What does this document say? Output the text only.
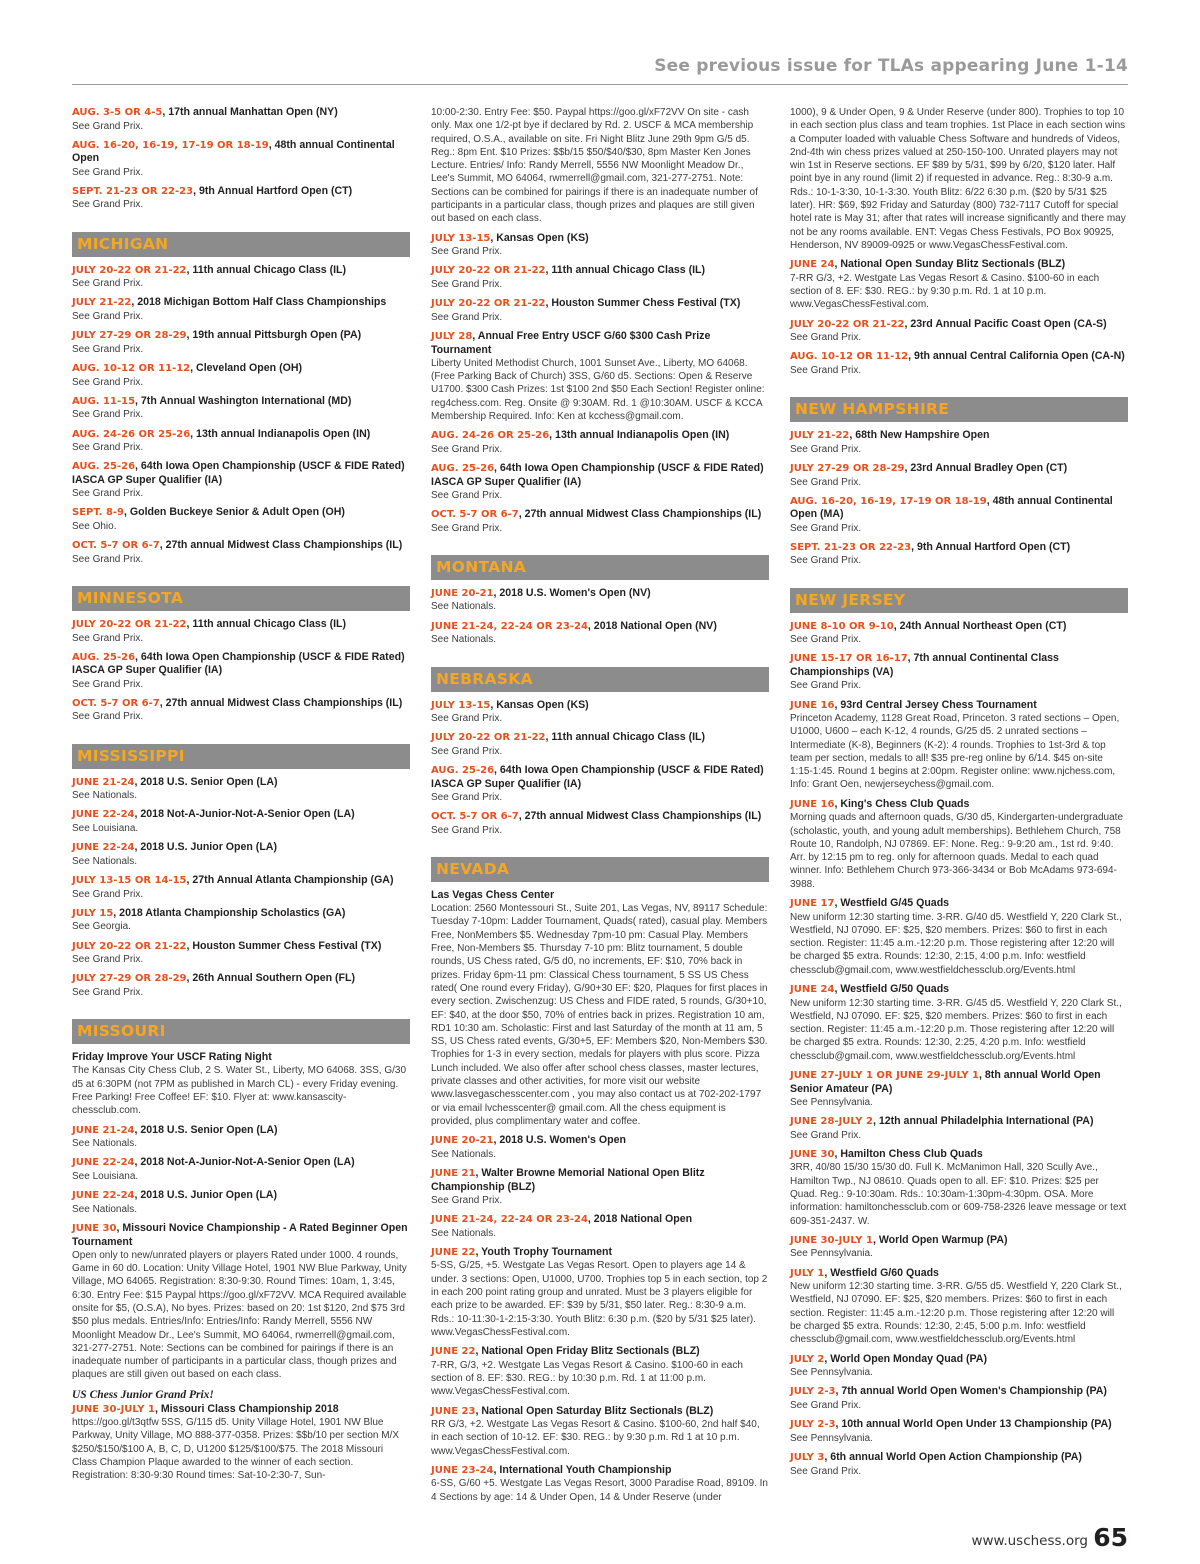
See previous issue for TLAs appearing June 1-14
AUG. 3-5 OR 4-5, 17th annual Manhattan Open (NY)
See Grand Prix.
AUG. 16-20, 16-19, 17-19 OR 18-19, 48th annual Continental Open
See Grand Prix.
SEPT. 21-23 OR 22-23, 9th Annual Hartford Open (CT)
See Grand Prix.
MICHIGAN
JULY 20-22 OR 21-22, 11th annual Chicago Class (IL)
See Grand Prix.
JULY 21-22, 2018 Michigan Bottom Half Class Championships
See Grand Prix.
JULY 27-29 OR 28-29, 19th annual Pittsburgh Open (PA)
See Grand Prix.
AUG. 10-12 OR 11-12, Cleveland Open (OH)
See Grand Prix.
AUG. 11-15, 7th Annual Washington International (MD)
See Grand Prix.
AUG. 24-26 OR 25-26, 13th annual Indianapolis Open (IN)
See Grand Prix.
AUG. 25-26, 64th Iowa Open Championship (USCF & FIDE Rated) IASCA GP Super Qualifier (IA)
See Grand Prix.
SEPT. 8-9, Golden Buckeye Senior & Adult Open (OH)
See Ohio.
OCT. 5-7 OR 6-7, 27th annual Midwest Class Championships (IL)
See Grand Prix.
MINNESOTA
JULY 20-22 OR 21-22, 11th annual Chicago Class (IL)
See Grand Prix.
AUG. 25-26, 64th Iowa Open Championship (USCF & FIDE Rated) IASCA GP Super Qualifier (IA)
See Grand Prix.
OCT. 5-7 OR 6-7, 27th annual Midwest Class Championships (IL)
See Grand Prix.
MISSISSIPPI
JUNE 21-24, 2018 U.S. Senior Open (LA)
See Nationals.
JUNE 22-24, 2018 Not-A-Junior-Not-A-Senior Open (LA)
See Louisiana.
JUNE 22-24, 2018 U.S. Junior Open (LA)
See Nationals.
JULY 13-15 OR 14-15, 27th Annual Atlanta Championship (GA)
See Grand Prix.
JULY 15, 2018 Atlanta Championship Scholastics (GA)
See Georgia.
JULY 20-22 OR 21-22, Houston Summer Chess Festival (TX)
See Grand Prix.
JULY 27-29 OR 28-29, 26th Annual Southern Open (FL)
See Grand Prix.
MISSOURI
Friday Improve Your USCF Rating Night
The Kansas City Chess Club, 2 S. Water St., Liberty, MO 64068. 3SS, G/30 d5 at 6:30PM (not 7PM as published in March CL) - every Friday evening. Free Parking! Free Coffee! EF: $10. Flyer at: www.kansascity-chessclub.com.
JUNE 21-24, 2018 U.S. Senior Open (LA)
See Nationals.
JUNE 22-24, 2018 Not-A-Junior-Not-A-Senior Open (LA)
See Louisiana.
JUNE 22-24, 2018 U.S. Junior Open (LA)
See Nationals.
JUNE 30, Missouri Novice Championship - A Rated Beginner Open Tournament
Open only to new/unrated players or players Rated under 1000. 4 rounds, Game in 60 d0. Location: Unity Village Hotel, 1901 NW Blue Parkway, Unity Village, MO 64065. Registration: 8:30-9:30. Round Times: 10am, 1, 3:45, 6:30. Entry Fee: $15 Paypal https://goo.gl/xF72VV. MCA Required available onsite for $5, (O.S.A), No byes. Prizes: based on 20: 1st $120, 2nd $75 3rd $50 plus medals. Entries/Info: Entries/Info: Randy Merrell, 5556 NW Moonlight Meadow Dr., Lee's Summit, MO 64064, rwmerrell@gmail.com, 321-277-2751. Note: Sections can be combined for pairings if there is an inadequate number of participants in a particular class, though prizes and plaques are still given out based on each class.
US Chess Junior Grand Prix!
JUNE 30-JULY 1, Missouri Class Championship 2018
https://goo.gl/t3qtfw 5SS, G/115 d5. Unity Village Hotel, 1901 NW Blue Parkway, Unity Village, MO 888-377-0358. Prizes: $$b/10 per section M/X $250/$150/$100 A, B, C, D, U1200 $125/$100/$75. The 2018 Missouri Class Champion Plaque awarded to the winner of each section. Registration: 8:30-9:30 Round times: Sat-10-2:30-7, Sun-
10:00-2:30. Entry Fee: $50. Paypal https://goo.gl/xF72VV On site - cash only. Max one 1/2-pt bye if declared by Rd. 2. USCF & MCA membership required, O.S.A., available on site. Fri Night Blitz June 29th 9pm G/5 d5. Reg.: 8pm Ent. $10 Prizes: $$b/15 $50/$40/$30, 8pm Master Ken Jones Lecture. Entries/ Info: Randy Merrell, 5556 NW Moonlight Meadow Dr., Lee's Summit, MO 64064, rwmerrell@gmail.com, 321-277-2751. Note: Sections can be combined for pairings if there is an inadequate number of participants in a particular class, though prizes and plaques are still given out based on each class.
JULY 13-15, Kansas Open (KS)
See Grand Prix.
JULY 20-22 OR 21-22, 11th annual Chicago Class (IL)
See Grand Prix.
JULY 20-22 OR 21-22, Houston Summer Chess Festival (TX)
See Grand Prix.
JULY 28, Annual Free Entry USCF G/60 $300 Cash Prize Tournament
Liberty United Methodist Church, 1001 Sunset Ave., Liberty, MO 64068. (Free Parking Back of Church) 3SS, G/60 d5. Sections: Open & Reserve U1700. $300 Cash Prizes: 1st $100 2nd $50 Each Section! Register online: reg4chess.com. Reg. Onsite @ 9:30AM. Rd. 1 @10:30AM. USCF & KCCA Membership Required. Info: Ken at kcchess@gmail.com.
AUG. 24-26 OR 25-26, 13th annual Indianapolis Open (IN)
See Grand Prix.
AUG. 25-26, 64th Iowa Open Championship (USCF & FIDE Rated) IASCA GP Super Qualifier (IA)
See Grand Prix.
OCT. 5-7 OR 6-7, 27th annual Midwest Class Championships (IL)
See Grand Prix.
MONTANA
JUNE 20-21, 2018 U.S. Women's Open (NV)
See Nationals.
JUNE 21-24, 22-24 OR 23-24, 2018 National Open (NV)
See Nationals.
NEBRASKA
JULY 13-15, Kansas Open (KS)
See Grand Prix.
JULY 20-22 OR 21-22, 11th annual Chicago Class (IL)
See Grand Prix.
AUG. 25-26, 64th Iowa Open Championship (USCF & FIDE Rated) IASCA GP Super Qualifier (IA)
See Grand Prix.
OCT. 5-7 OR 6-7, 27th annual Midwest Class Championships (IL)
See Grand Prix.
NEVADA
Las Vegas Chess Center
Location: 2560 Montessouri St., Suite 201, Las Vegas, NV, 89117 Schedule: Tuesday 7-10pm: Ladder Tournament, Quads( rated), casual play. Members Free, NonMembers $5. Wednesday 7pm-10 pm: Casual Play. Members Free, Non-Members $5. Thursday 7-10 pm: Blitz tournament, 5 double rounds, US Chess rated, G/5 d0, no increments, EF: $10, 70% back in prizes. Friday 6pm-11 pm: Classical Chess tournament, 5 SS US Chess rated( One round every Friday), G/90+30 EF: $20, Plaques for first places in every section. Zwischenzug: US Chess and FIDE rated, 5 rounds, G/30+10, EF: $40, at the door $50, 70% of entries back in prizes. Registration 10 am, RD1 10:30 am. Scholastic: First and last Saturday of the month at 11 am, 5 SS, US Chess rated events, G/30+5, EF: Members $20, Non-Members $30. Trophies for 1-3 in every section, medals for players with plus score. Pizza Lunch included. We also offer after school chess classes, master lectures, private classes and other activities, for more visit our website www.lasvegaschesscenter.com , you may also contact us at 702-202-1797 or via email lvchesscenter@ gmail.com. All the chess equipment is provided, plus complimentary water and coffee.
JUNE 20-21, 2018 U.S. Women's Open
See Nationals.
JUNE 21, Walter Browne Memorial National Open Blitz Championship (BLZ)
See Grand Prix.
JUNE 21-24, 22-24 OR 23-24, 2018 National Open
See Nationals.
JUNE 22, Youth Trophy Tournament
5-SS, G/25, +5. Westgate Las Vegas Resort. Open to players age 14 & under. 3 sections: Open, U1000, U700. Trophies top 5 in each section, top 2 in each 200 point rating group and unrated. Must be 3 players eligible for each prize to be awarded. EF: $39 by 5/31, $50 later. Reg.: 8:30-9 a.m. Rds.: 10-11:30-1-2:15-3:30. Youth Blitz: 6:30 p.m. ($20 by 5/31 $25 later). www.VegasChessFestival.com.
JUNE 22, National Open Friday Blitz Sectionals (BLZ)
7-RR, G/3, +2. Westgate Las Vegas Resort & Casino. $100-60 in each section of 8. EF: $30. REG.: by 10:30 p.m. Rd. 1 at 11:00 p.m. www.VegasChessFestival.com.
JUNE 23, National Open Saturday Blitz Sectionals (BLZ)
RR G/3, +2. Westgate Las Vegas Resort & Casino. $100-60, 2nd half $40, in each section of 10-12. EF: $30. REG.: by 9:30 p.m. Rd 1 at 10 p.m. www.VegasChessFestival.com.
JUNE 23-24, International Youth Championship
6-SS, G/60 +5. Westgate Las Vegas Resort, 3000 Paradise Road, 89109. In 4 Sections by age: 14 & Under Open, 14 & Under Reserve (under
1000), 9 & Under Open, 9 & Under Reserve (under 800). Trophies to top 10 in each section plus class and team trophies. 1st Place in each section wins a Computer loaded with valuable Chess Software and hundreds of Videos, 2nd-4th win chess prizes valued at 250-150-100. Unrated players may not win 1st in Reserve sections. EF $89 by 5/31, $99 by 6/20, $120 later. Half point bye in any round (limit 2) if requested in advance. Reg.: 8:30-9 a.m. Rds.: 10-1-3:30, 10-1-3:30. Youth Blitz: 6/22 6:30 p.m. ($20 by 5/31 $25 later). HR: $69, $92 Friday and Saturday (800) 732-7117 Cutoff for special hotel rate is May 31; after that rates will increase significantly and there may not be any rooms available. ENT: Vegas Chess Festivals, PO Box 90925, Henderson, NV 89009-0925 or www.VegasChessFestival.com.
JUNE 24, National Open Sunday Blitz Sectionals (BLZ)
7-RR G/3, +2. Westgate Las Vegas Resort & Casino. $100-60 in each section of 8. EF: $30. REG.: by 9:30 p.m. Rd. 1 at 10 p.m. www.VegasChessFestival.com.
JULY 20-22 OR 21-22, 23rd Annual Pacific Coast Open (CA-S)
See Grand Prix.
AUG. 10-12 OR 11-12, 9th annual Central California Open (CA-N)
See Grand Prix.
NEW HAMPSHIRE
JULY 21-22, 68th New Hampshire Open
See Grand Prix.
JULY 27-29 OR 28-29, 23rd Annual Bradley Open (CT)
See Grand Prix.
AUG. 16-20, 16-19, 17-19 OR 18-19, 48th annual Continental Open (MA)
See Grand Prix.
SEPT. 21-23 OR 22-23, 9th Annual Hartford Open (CT)
See Grand Prix.
NEW JERSEY
JUNE 8-10 OR 9-10, 24th Annual Northeast Open (CT)
See Grand Prix.
JUNE 15-17 OR 16-17, 7th annual Continental Class Championships (VA)
See Grand Prix.
JUNE 16, 93rd Central Jersey Chess Tournament
Princeton Academy, 1128 Great Road, Princeton. 3 rated sections – Open, U1000, U600 – each K-12, 4 rounds, G/25 d5. 2 unrated sections – Intermediate (K-8), Beginners (K-2): 4 rounds. Trophies to 1st-3rd & top team per section, medals to all! $35 pre-reg online by 6/14. $45 on-site 1:15-1:45. Round 1 begins at 2:00pm. Register online: www.njchess.com, Info: Grant Oen, newjerseychess@gmail.com.
JUNE 16, King's Chess Club Quads
Morning quads and afternoon quads, G/30 d5, Kindergarten-undergraduate (scholastic, youth, and young adult memberships). Bethlehem Church, 758 Route 10, Randolph, NJ 07869. EF: None. Reg.: 9-9:20 am., 1st rd. 9:40. Arr. by 12:15 pm to reg. only for afternoon quads. Medal to each quad winner. Info: Bethlehem Church 973-366-3434 or Bob McAdams 973-694-3988.
JUNE 17, Westfield G/45 Quads
New uniform 12:30 starting time. 3-RR. G/40 d5. Westfield Y, 220 Clark St., Westfield, NJ 07090. EF: $25, $20 members. Prizes: $60 to first in each section. Register: 11:45 a.m.-12:20 p.m. Those registering after 12:20 will be charged $5 extra. Rounds: 12:30, 2:15, 4:00 p.m. Info: westfield chessclub@gmail.com, www.westfieldchessclub.org/Events.html
JUNE 24, Westfield G/50 Quads
New uniform 12:30 starting time. 3-RR. G/45 d5. Westfield Y, 220 Clark St., Westfield, NJ 07090. EF: $25, $20 members. Prizes: $60 to first in each section. Register: 11:45 a.m.-12:20 p.m. Those registering after 12:20 will be charged $5 extra. Rounds: 12:30, 2:25, 4:20 p.m. Info: westfield chessclub@gmail.com, www.westfieldchessclub.org/Events.html
JUNE 27-JULY 1 OR JUNE 29-JULY 1, 8th annual World Open Senior Amateur (PA)
See Pennsylvania.
JUNE 28-JULY 2, 12th annual Philadelphia International (PA)
See Grand Prix.
JUNE 30, Hamilton Chess Club Quads
3RR, 40/80 15/30 15/30 d0. Full K. McManimon Hall, 320 Scully Ave., Hamilton Twp., NJ 08610. Quads open to all. EF: $10. Prizes: $25 per Quad. Reg.: 9-10:30am. Rds.: 10:30am-1:30pm-4:30pm. OSA. More information: hamiltonchessclub.com or 609-758-2326 leave message or text 609-351-2437. W.
JUNE 30-JULY 1, World Open Warmup (PA)
See Pennsylvania.
JULY 1, Westfield G/60 Quads
New uniform 12:30 starting time. 3-RR. G/55 d5. Westfield Y, 220 Clark St., Westfield, NJ 07090. EF: $25, $20 members. Prizes: $60 to first in each section. Register: 11:45 a.m.-12:20 p.m. Those registering after 12:20 will be charged $5 extra. Rounds: 12:30, 2:45, 5:00 p.m. Info: westfield chessclub@gmail.com, www.westfieldchessclub.org/Events.html
JULY 2, World Open Monday Quad (PA)
See Pennsylvania.
JULY 2-3, 7th annual World Open Women's Championship (PA)
See Grand Prix.
JULY 2-3, 10th annual World Open Under 13 Championship (PA)
See Pennsylvania.
JULY 3, 6th annual World Open Action Championship (PA)
See Grand Prix.
www.uschess.org 65
